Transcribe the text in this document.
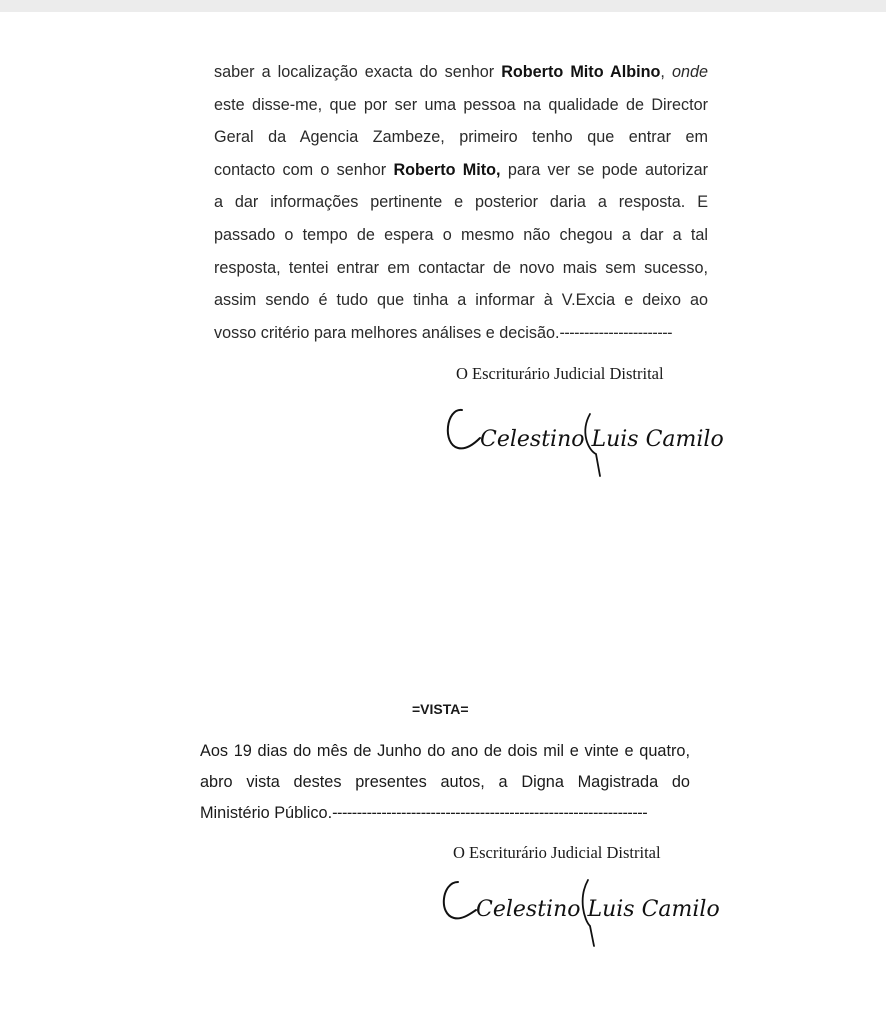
saber a localização exacta do senhor Roberto Mito Albino, onde
este disse-me, que por ser uma pessoa na qualidade de Director
Geral da Agencia Zambeze, primeiro tenho que entrar em
contacto com o senhor Roberto Mito, para ver se pode autorizar
a dar informações pertinente e posterior daria a resposta. E
passado o tempo de espera o mesmo não chegou a dar a tal
resposta, tentei entrar em contactar de novo mais sem sucesso,
assim sendo é tudo que tinha a informar à V.Excia e deixo ao
vosso critério para melhores análises e decisão.-----------------------
O Escriturário Judicial Distrital
Celestino Luis Camilo
=VISTA=
Aos 19 dias do mês de Junho do ano de dois mil e vinte e quatro,
abro vista destes presentes autos, a Digna Magistrada do
Ministério Público.----------------------------------------------------------------
O Escriturário Judicial Distrital
Celestino Luis Camilo
